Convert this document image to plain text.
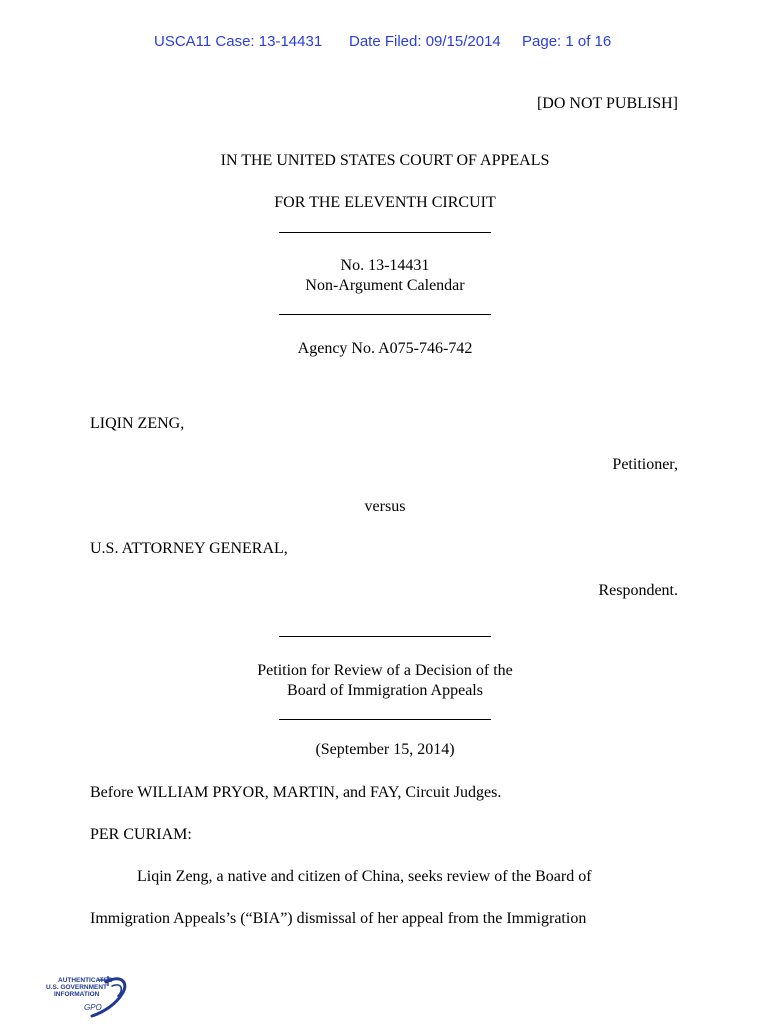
USCA11 Case: 13-14431 Date Filed: 09/15/2014 Page: 1 of 16
[DO NOT PUBLISH]
IN THE UNITED STATES COURT OF APPEALS
FOR THE ELEVENTH CIRCUIT
No. 13-14431
Non-Argument Calendar
Agency No. A075-746-742
LIQIN ZENG,
Petitioner,
versus
U.S. ATTORNEY GENERAL,
Respondent.
Petition for Review of a Decision of the
Board of Immigration Appeals
(September 15, 2014)
Before WILLIAM PRYOR, MARTIN, and FAY, Circuit Judges.
PER CURIAM:
Liqin Zeng, a native and citizen of China, seeks review of the Board of
Immigration Appeals’s (“BIA”) dismissal of her appeal from the Immigration
AUTHENTICATED
U.S. GOVERNMENT
INFORMATION
GPO
